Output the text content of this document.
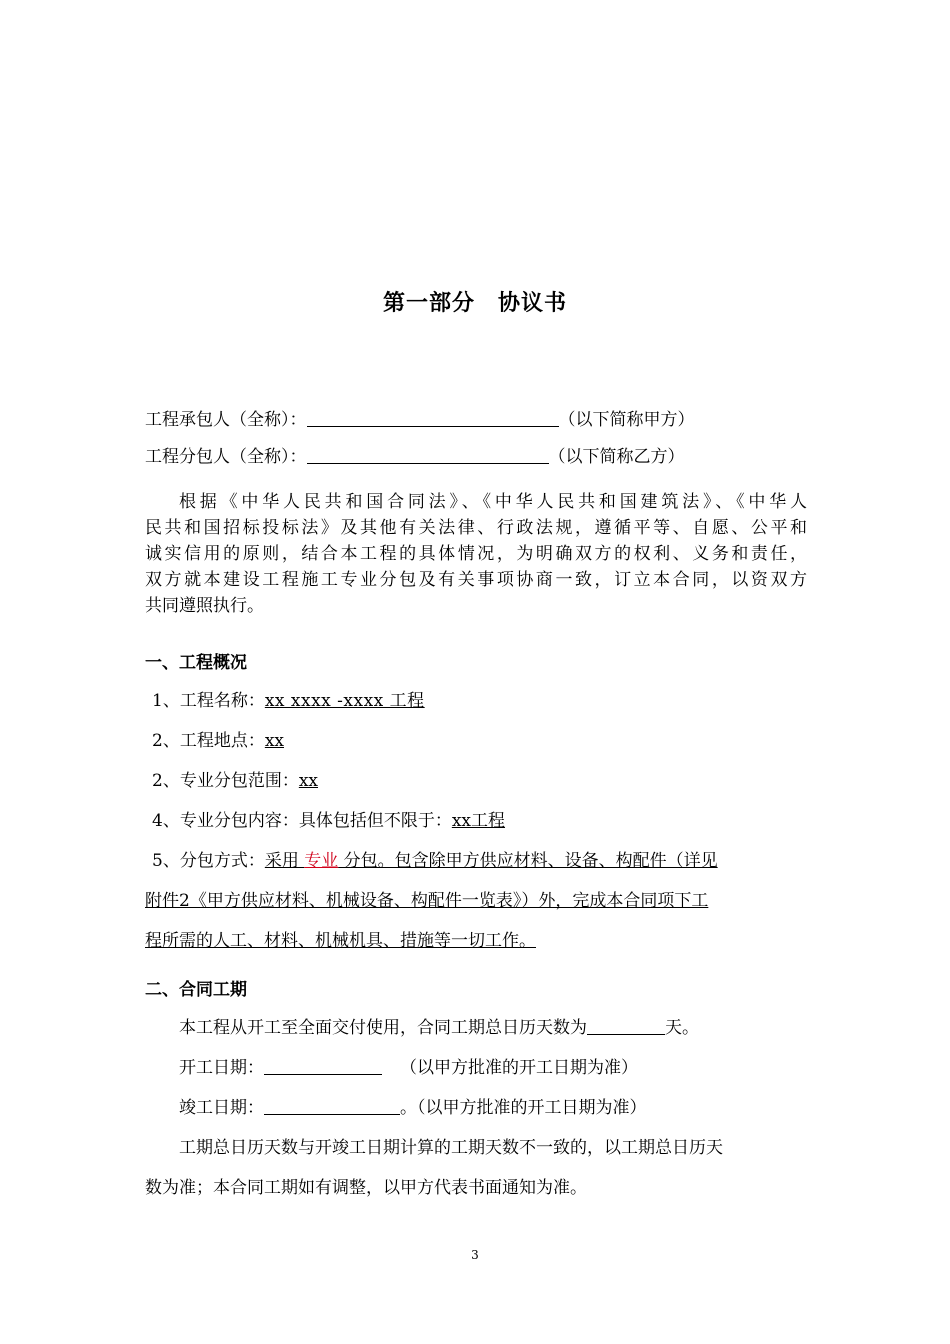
第一部分　协议书
工程承包人（全称）：	（以下简称甲方）
工程分包人（全称）：	（以下简称乙方）
根据《中华人民共和国合同法》、《中华人民共和国建筑法》、《中华人
民共和国招标投标法》及其他有关法律、行政法规，遵循平等、自愿、公平和
诚实信用的原则，结合本工程的具体情况，为明确双方的权利、义务和责任，
双方就本建设工程施工专业分包及有关事项协商一致，订立本合同，以资双方
共同遵照执行。
一、工程概况
1、工程名称：xx xxxx -xxxx 工程
2、工程地点：xx
2、专业分包范围：xx
4、专业分包内容：具体包括但不限于：xx工程
5、分包方式：采用 专业 分包。包含除甲方供应材料、设备、构配件（详见
附件2《甲方供应材料、机械设备、构配件一览表》）外，完成本合同项下工
程所需的人工、材料、机械机具、措施等一切工作。
二、合同工期
本工程从开工至全面交付使用，合同工期总日历天数为	天。
开工日期：	（以甲方批准的开工日期为准）
竣工日期：	。（以甲方批准的开工日期为准）
工期总日历天数与开竣工日期计算的工期天数不一致的，以工期总日历天
数为准；本合同工期如有调整，以甲方代表书面通知为准。
3
